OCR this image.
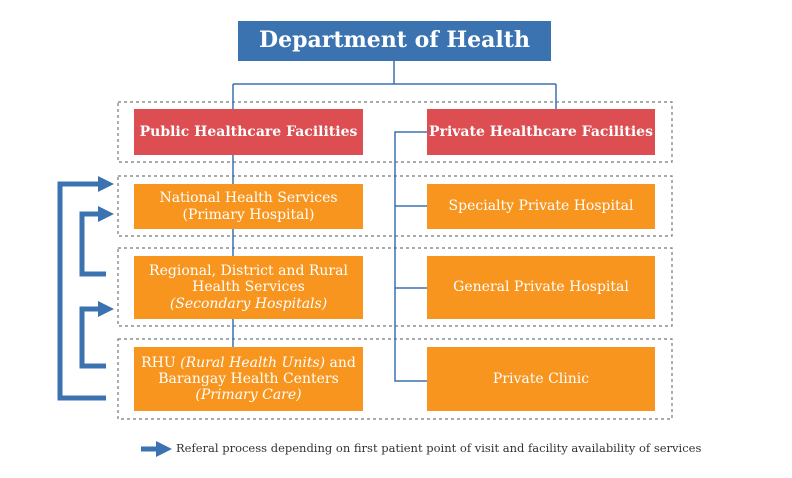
Department of Health
Public Healthcare Facilities	Private Healthcare Facilities
National Health Services
(Primary Hospital)
Regional, District and Rural
Health Services
(Secondary Hospitals)
RHU (Rural Health Units) and
Barangay Health Centers
(Primary Care)
Specialty Private Hospital
General Private Hospital
Private Clinic
Referal process depending on first patient point of visit and facility availability of services
